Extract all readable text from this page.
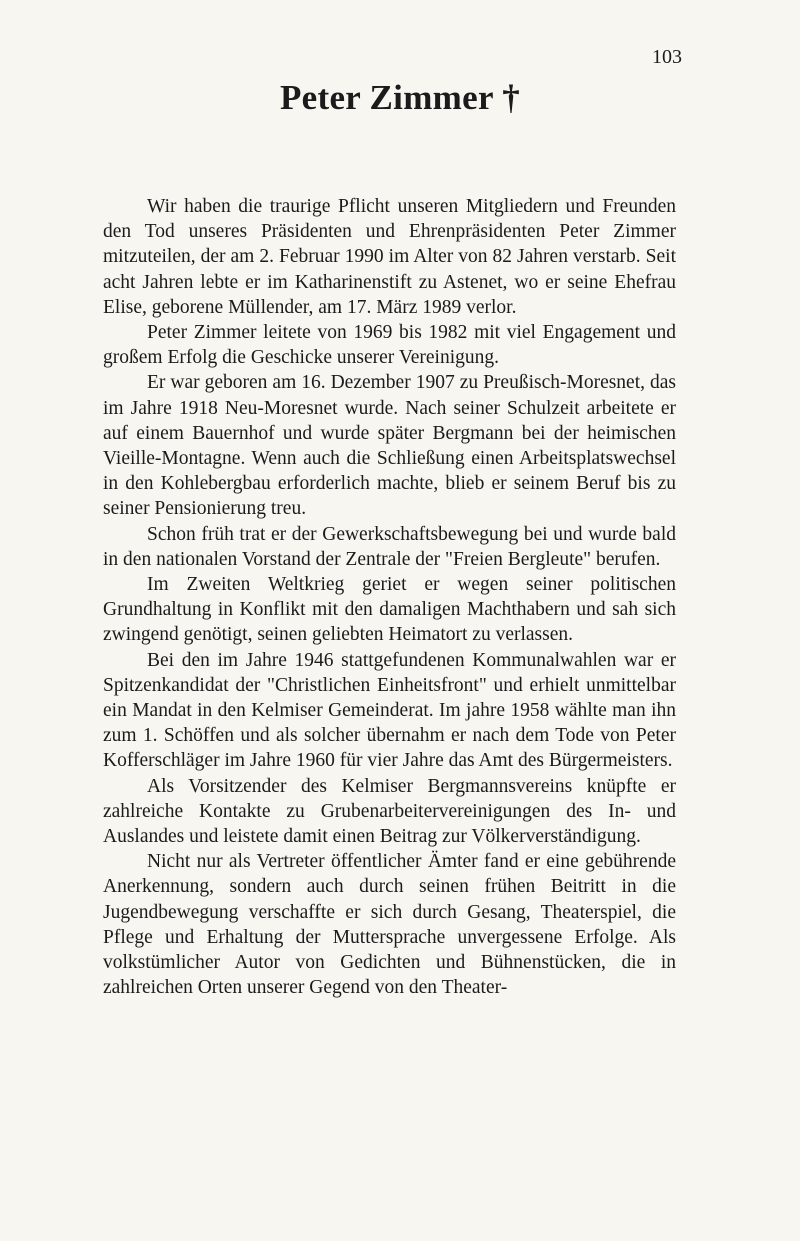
103
Peter Zimmer †

Wir haben die traurige Pflicht unseren Mitgliedern und Freunden den Tod unseres Präsidenten und Ehrenpräsidenten Peter Zimmer mitzuteilen, der am 2. Februar 1990 im Alter von 82 Jahren verstarb. Seit acht Jahren lebte er im Katharinenstift zu Astenet, wo er seine Ehefrau Elise, geborene Müllender, am 17. März 1989 verlor.

Peter Zimmer leitete von 1969 bis 1982 mit viel Engagement und großem Erfolg die Geschicke unserer Vereinigung.

Er war geboren am 16. Dezember 1907 zu Preußisch-Moresnet, das im Jahre 1918 Neu-Moresnet wurde. Nach seiner Schulzeit arbeitete er auf einem Bauernhof und wurde später Bergmann bei der heimischen Vieille-Montagne. Wenn auch die Schließung einen Arbeitsplatswechsel in den Kohlebergbau erforderlich machte, blieb er seinem Beruf bis zu seiner Pensionierung treu.

Schon früh trat er der Gewerkschaftsbewegung bei und wurde bald in den nationalen Vorstand der Zentrale der "Freien Bergleute" berufen.

Im Zweiten Weltkrieg geriet er wegen seiner politischen Grundhaltung in Konflikt mit den damaligen Machthabern und sah sich zwingend genötigt, seinen geliebten Heimatort zu verlassen.

Bei den im Jahre 1946 stattgefundenen Kommunalwahlen war er Spitzenkandidat der "Christlichen Einheitsfront" und erhielt unmittelbar ein Mandat in den Kelmiser Gemeinderat. Im jahre 1958 wählte man ihn zum 1. Schöffen und als solcher übernahm er nach dem Tode von Peter Kofferschläger im Jahre 1960 für vier Jahre das Amt des Bürgermeisters.

Als Vorsitzender des Kelmiser Bergmannsvereins knüpfte er zahlreiche Kontakte zu Grubenarbeitervereinigungen des In- und Auslandes und leistete damit einen Beitrag zur Völkerverständigung.

Nicht nur als Vertreter öffentlicher Ämter fand er eine gebührende Anerkennung, sondern auch durch seinen frühen Beitritt in die Jugendbewegung verschaffte er sich durch Gesang, Theaterspiel, die Pflege und Erhaltung der Muttersprache unvergessene Erfolge. Als volkstümlicher Autor von Gedichten und Bühnenstücken, die in zahlreichen Orten unserer Gegend von den Theater-
